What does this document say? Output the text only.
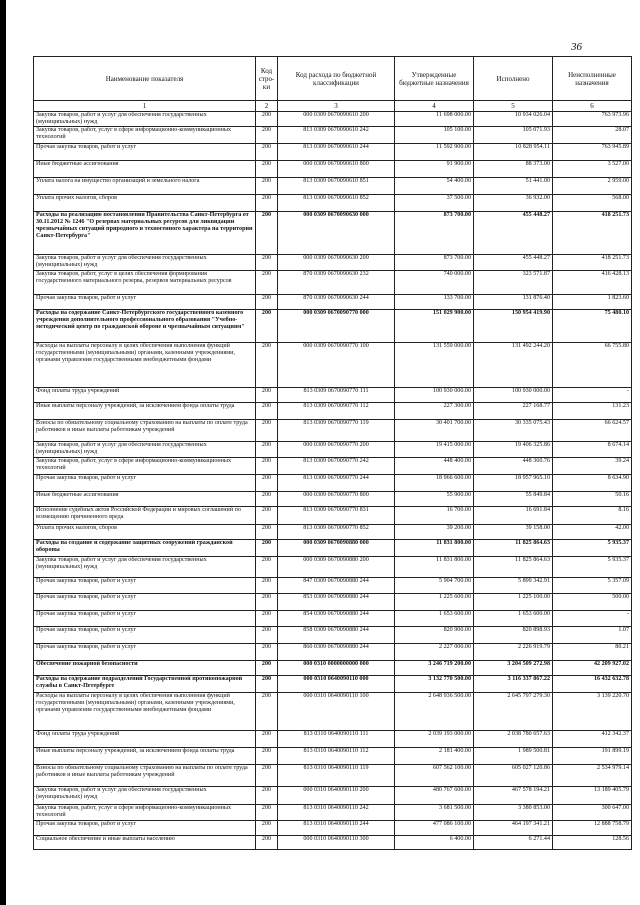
36
Наименование показателя	Код стро-ки	Код расхода по бюджетной классификации	Утвержденные бюджетные назначения	Исполнено	Неисполненные назначения
1	2	3	4	5	6
Закупка товаров, работ и услуг для обеспечения государственных (муниципальных) нужд	200	000 0309 0670090610 200	11 698 000.00	10 934 026.04	763 973.96
Закупка товаров, работ, услуг в сфере информационно-коммуникационных технологий	200	813 0309 0670090610 242	105 100.00	105 071.93	28.07
Прочая закупка товаров, работ и услуг	200	813 0309 0670090610 244	11 592 900.00	10 828 954.11	763 945.89
Иные бюджетные ассигнования	200	000 0309 0670090610 800	91 900.00	88 373.00	3 527.00
Уплата налога на имущество организаций и земельного налога	200	813 0309 0670090610 851	54 400.00	51 441.00	2 959.00
Уплата прочих налогов, сборов	200	813 0309 0670090610 852	37 500.00	36 932.00	568.00
Расходы на реализацию постановления Правительства Санкт-Петербурга от 30.11.2012 № 1246 "О резервах материальных ресурсов для ликвидации чрезвычайных ситуаций природного и техногенного характера на территории Санкт-Петербурга"	200	000 0309 0670090630 000	873 700.00	455 448.27	418 251.73
Закупка товаров, работ и услуг для обеспечения государственных (муниципальных) нужд	200	000 0309 0670090630 200	873 700.00	455 448.27	418 251.73
Закупка товаров, работ, услуг в целях обеспечения формирования государственного материального резерва, резервов материальных ресурсов	200	870 0309 0670090630 232	740 000.00	323 571.87	416 428.13
Прочая закупка товаров, работ и услуг	200	870 0309 0670090630 244	133 700.00	131 876.40	1 823.60
Расходы на содержание Санкт-Петербургского государственного казенного учреждения дополнительного профессионального образования "Учебно-методический центр по гражданской обороне и чрезвычайным ситуациям"	200	000 0309 0670090770 000	151 029 900.00	150 954 419.90	75 480.10
Расходы на выплаты персоналу в целях обеспечения выполнения функций государственными (муниципальными) органами, казенными учреждениями, органами управления государственными внебюджетными фондами	200	000 0309 0670090770 100	131 559 000.00	131 492 244.20	66 755.80
Фонд оплаты труда учреждений	200	813 0309 0670090770 111	100 930 000.00	100 930 000.00	-
Иные выплаты персоналу учреждений, за исключением фонда оплаты труда	200	813 0309 0670090770 112	227 300.00	227 168.77	131.23
Взносы по обязательному социальному страхованию на выплаты по оплате труда работников и иные выплаты работникам учреждений	200	813 0309 0670090770 119	30 401 700.00	30 335 075.43	66 624.57
Закупка товаров, работ и услуг для обеспечения государственных (муниципальных) нужд	200	000 0309 0670090770 200	19 415 000.00	19 406 325.86	8 674.14
Закупка товаров, работ, услуг в сфере информационно-коммуникационных технологий	200	813 0309 0670090770 242	448 400.00	448 360.76	39.24
Прочая закупка товаров, работ и услуг	200	813 0309 0670090770 244	18 966 600.00	18 957 965.10	8 634.90
Иные бюджетные ассигнования	200	000 0309 0670090770 800	55 900.00	55 849.84	50.16
Исполнение судебных актов Российской Федерации и мировых соглашений по возмещению причиненного вреда	200	813 0309 0670090770 831	16 700.00	16 691.84	8.16
Уплата прочих налогов, сборов	200	813 0309 0670090770 852	39 200.00	39 158.00	42.00
Расходы на создание и содержание защитных сооружений гражданской обороны	200	000 0309 0670090880 000	11 831 800.00	11 825 864.63	5 935.37
Закупка товаров, работ и услуг для обеспечения государственных (муниципальных) нужд	200	000 0309 0670090880 200	11 831 800.00	11 825 864.63	5 935.37
Прочая закупка товаров, работ и услуг	200	847 0309 0670090880 244	5 904 700.00	5 899 342.91	5 357.09
Прочая закупка товаров, работ и услуг	200	853 0309 0670090880 244	1 225 600.00	1 225 100.00	500.00
Прочая закупка товаров, работ и услуг	200	854 0309 0670090880 244	1 653 600.00	1 653 600.00	-
Прочая закупка товаров, работ и услуг	200	858 0309 0670090880 244	820 900.00	820 898.93	1.07
Прочая закупка товаров, работ и услуг	200	860 0309 0670090880 244	2 227 000.00	2 226 919.79	80.21
Обеспечение пожарной безопасности	200	000 0310 0000000000 000	3 246 719 200.00	3 204 509 272.98	42 209 927.02
Расходы на содержание подразделений Государственной противопожарной службы в Санкт-Петербурге	200	000 0310 0640090110 000	3 132 770 500.00	3 116 337 867.22	16 432 632.78
Расходы на выплаты персоналу в целях обеспечения выполнения функций государственными (муниципальными) органами, казенными учреждениями, органами управления государственными внебюджетными фондами	200	000 0310 0640090110 100	2 648 936 500.00	2 645 797 279.30	3 139 220.70
Фонд оплаты труда учреждений	200	813 0310 0640090110 111	2 039 193 000.00	2 038 780 657.63	412 342.37
Иные выплаты персоналу учреждений, за исключением фонда оплаты труда	200	813 0310 0640090110 112	2 181 400.00	1 989 500.81	191 899.19
Взносы по обязательному социальному страхованию на выплаты по оплате труда работников и иные выплаты работникам учреждений	200	813 0310 0640090110 119	607 562 100.00	605 027 120.86	2 534 979.14
Закупка товаров, работ и услуг для обеспечения государственных (муниципальных) нужд	200	000 0310 0640090110 200	480 767 600.00	467 578 194.21	13 189 405.79
Закупка товаров, работ, услуг в сфере информационно-коммуникационных технологий	200	813 0310 0640090110 242	3 681 500.00	3 380 853.00	300 647.00
Прочая закупка товаров, работ и услуг	200	813 0310 0640090110 244	477 086 100.00	464 197 341.21	12 888 758.79
Социальное обеспечение и иные выплаты населению	200	000 0310 0640090110 300	6 400.00	6 271.44	128.56
